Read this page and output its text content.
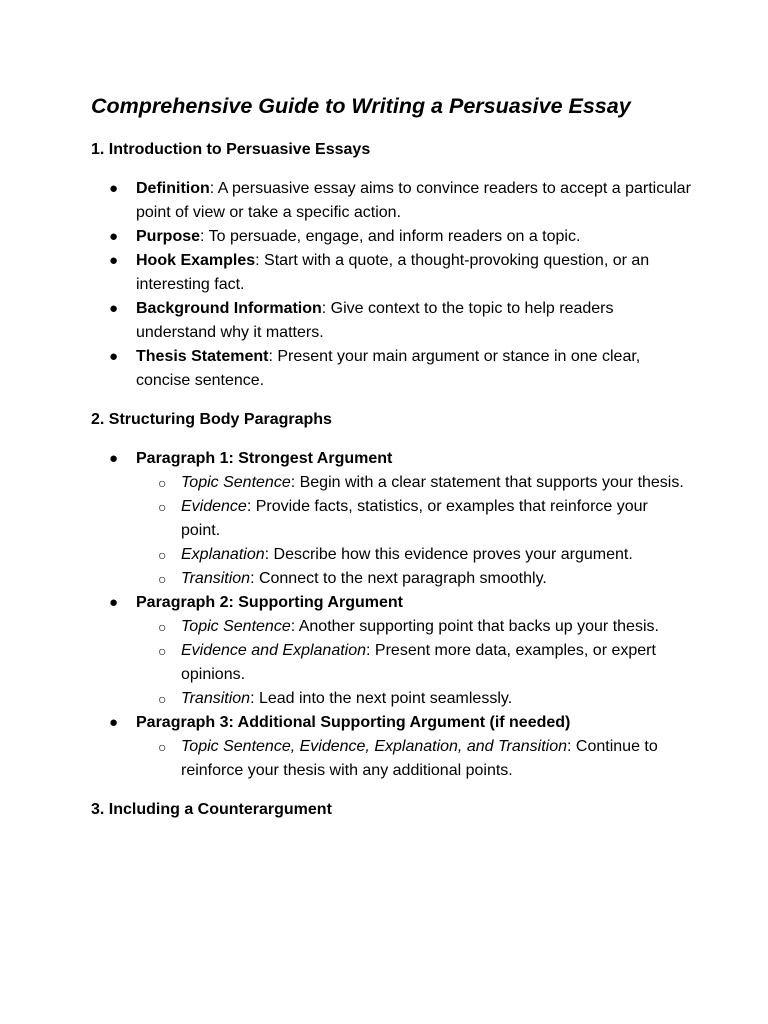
Comprehensive Guide to Writing a Persuasive Essay
1. Introduction to Persuasive Essays
●	Definition: A persuasive essay aims to convince readers to accept a particular point of view or take a specific action.
●	Purpose: To persuade, engage, and inform readers on a topic.
●	Hook Examples: Start with a quote, a thought-provoking question, or an interesting fact.
●	Background Information: Give context to the topic to help readers understand why it matters.
●	Thesis Statement: Present your main argument or stance in one clear, concise sentence.
2. Structuring Body Paragraphs
●	Paragraph 1: Strongest Argument
○ Topic Sentence: Begin with a clear statement that supports your thesis.
○ Evidence: Provide facts, statistics, or examples that reinforce your point.
○ Explanation: Describe how this evidence proves your argument.
○ Transition: Connect to the next paragraph smoothly.
●	Paragraph 2: Supporting Argument
○ Topic Sentence: Another supporting point that backs up your thesis.
○ Evidence and Explanation: Present more data, examples, or expert opinions.
○ Transition: Lead into the next point seamlessly.
●	Paragraph 3: Additional Supporting Argument (if needed)
○ Topic Sentence, Evidence, Explanation, and Transition: Continue to reinforce your thesis with any additional points.
3. Including a Counterargument
